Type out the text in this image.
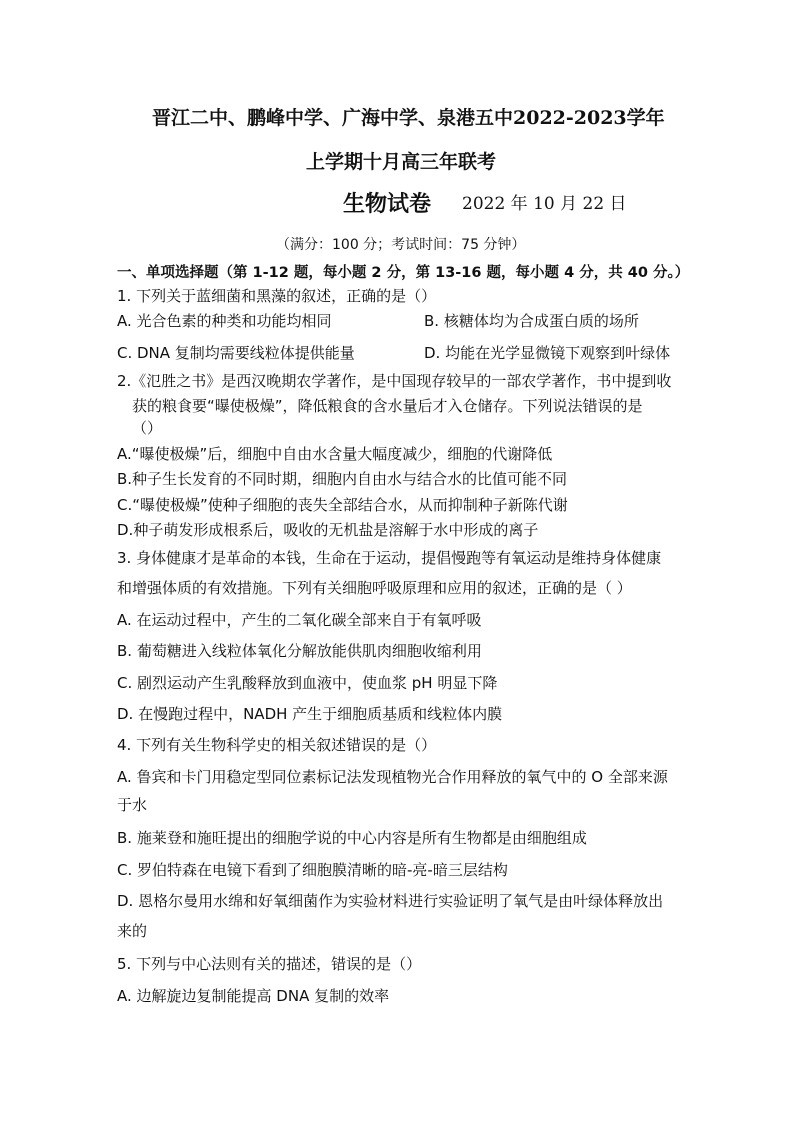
晋江二中、鹏峰中学、广海中学、泉港五中2022-2023学年
上学期十月高三年联考
生物试卷 2022 年 10 月 22 日
（满分：100 分；考试时间：75 分钟）
一、单项选择题（第 1-12 题，每小题 2 分，第 13-16 题，每小题 4 分，共 40 分。）
1. 下列关于蓝细菌和黑藻的叙述，正确的是（）
A. 光合色素的种类和功能均相同	B. 核糖体均为合成蛋白质的场所
C. DNA 复制均需要线粒体提供能量	D. 均能在光学显微镜下观察到叶绿体
2.《氾胜之书》是西汉晚期农学著作，是中国现存较早的一部农学著作，书中提到收
获的粮食要“曝使极燥”，降低粮食的含水量后才入仓储存。下列说法错误的是
（）
A.“曝使极燥”后，细胞中自由水含量大幅度减少，细胞的代谢降低
B.种子生长发育的不同时期，细胞内自由水与结合水的比值可能不同
C.“曝使极燥”使种子细胞的丧失全部结合水，从而抑制种子新陈代谢
D.种子萌发形成根系后，吸收的无机盐是溶解于水中形成的离子
3. 身体健康才是革命的本钱，生命在于运动，提倡慢跑等有氧运动是维持身体健康
和增强体质的有效措施。下列有关细胞呼吸原理和应用的叙述，正确的是（ ）
A. 在运动过程中，产生的二氧化碳全部来自于有氧呼吸
B. 葡萄糖进入线粒体氧化分解放能供肌肉细胞收缩利用
C. 剧烈运动产生乳酸释放到血液中，使血浆 pH 明显下降
D. 在慢跑过程中，NADH 产生于细胞质基质和线粒体内膜
4. 下列有关生物科学史的相关叙述错误的是（）
A. 鲁宾和卡门用稳定型同位素标记法发现植物光合作用释放的氧气中的 O 全部来源
于水
B. 施莱登和施旺提出的细胞学说的中心内容是所有生物都是由细胞组成
C. 罗伯特森在电镜下看到了细胞膜清晰的暗-亮-暗三层结构
D. 恩格尔曼用水绵和好氧细菌作为实验材料进行实验证明了氧气是由叶绿体释放出
来的
5. 下列与中心法则有关的描述，错误的是（）
A. 边解旋边复制能提高 DNA 复制的效率
